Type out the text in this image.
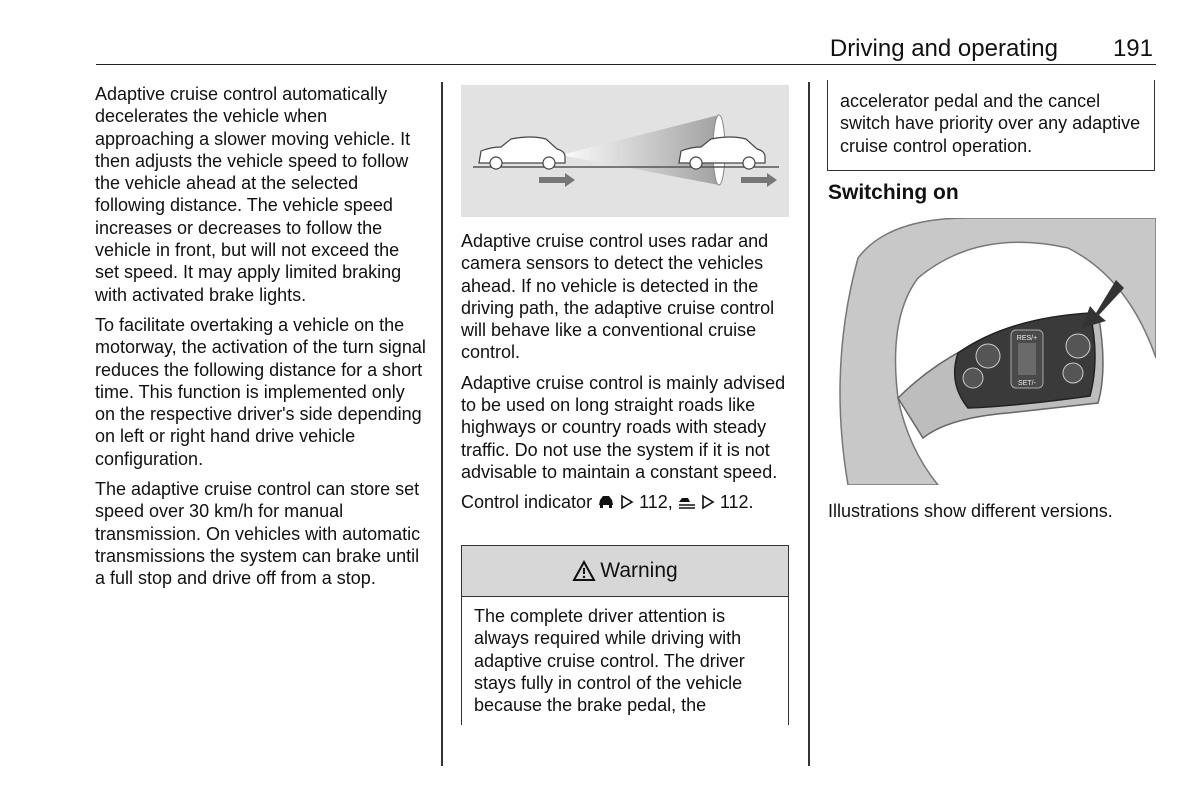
Driving and operating 191

Adaptive cruise control automatically decelerates the vehicle when approaching a slower moving vehicle. It then adjusts the vehicle speed to follow the vehicle ahead at the selected following distance. The vehicle speed increases or decreases to follow the vehicle in front, but will not exceed the set speed. It may apply limited braking with activated brake lights.

To facilitate overtaking a vehicle on the motorway, the activation of the turn signal reduces the following distance for a short time. This function is implemented only on the respective driver's side depending on left or right hand drive vehicle configuration.

The adaptive cruise control can store set speed over 30 km/h for manual transmission. On vehicles with automatic transmissions the system can brake until a full stop and drive off from a stop.

Adaptive cruise control uses radar and camera sensors to detect the vehicles ahead. If no vehicle is detected in the driving path, the adaptive cruise control will behave like a conventional cruise control.

Adaptive cruise control is mainly advised to be used on long straight roads like highways or country roads with steady traffic. Do not use the system if it is not advisable to maintain a constant speed.

Control indicator	112,	112.

Warning
The complete driver attention is always required while driving with adaptive cruise control. The driver stays fully in control of the vehicle because the brake pedal, the
accelerator pedal and the cancel switch have priority over any adaptive cruise control operation.
Switching on
RES/+
SET/-
Illustrations show different versions.
